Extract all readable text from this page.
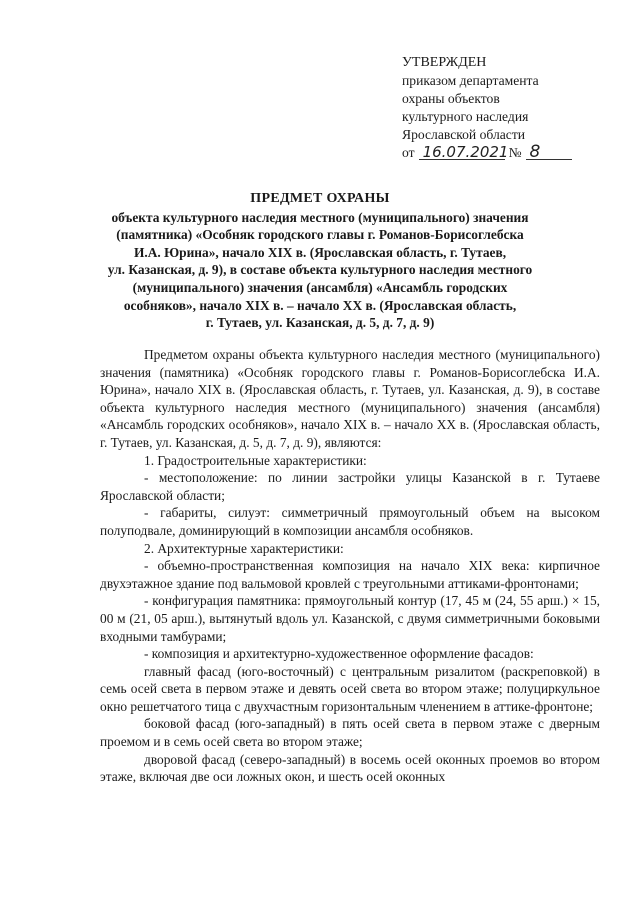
УТВЕРЖДЕН
приказом департамента
охраны объектов
культурного наследия
Ярославской области
от 16.07.2021 № 8
ПРЕДМЕТ ОХРАНЫ
объекта культурного наследия местного (муниципального) значения
(памятника) «Особняк городского главы г. Романов-Борисоглебска
И.А. Юрина», начало XIX в. (Ярославская область, г. Тутаев,
ул. Казанская, д. 9), в составе объекта культурного наследия местного
(муниципального) значения (ансамбля) «Ансамбль городских
особняков», начало XIX в. – начало XX в. (Ярославская область,
г. Тутаев, ул. Казанская, д. 5, д. 7, д. 9)

Предметом охраны объекта культурного наследия местного (муниципального) значения (памятника) «Особняк городского главы г. Романов-Борисоглебска И.А. Юрина», начало XIX в. (Ярославская область, г. Тутаев, ул. Казанская, д. 9), в составе объекта культурного наследия местного (муниципального) значения (ансамбля) «Ансамбль городских особняков», начало XIX в. – начало XX в. (Ярославская область, г. Тутаев, ул. Казанская, д. 5, д. 7, д. 9), являются:

1. Градостроительные характеристики:

- местоположение: по линии застройки улицы Казанской в г. Тутаеве Ярославской области;

- габариты, силуэт: симметричный прямоугольный объем на высоком полуподвале, доминирующий в композиции ансамбля особняков.

2. Архитектурные характеристики:

- объемно-пространственная композиция на начало XIX века: кирпичное двухэтажное здание под вальмовой кровлей с треугольными аттиками-фронтонами;

- конфигурация памятника: прямоугольный контур (17, 45 м (24, 55 арш.) × 15, 00 м (21, 05 арш.), вытянутый вдоль ул. Казанской, с двумя симметричными боковыми входными тамбурами;

- композиция и архитектурно-художественное оформление фасадов:

главный фасад (юго-восточный) с центральным ризалитом (раскреповкой) в семь осей света в первом этаже и девять осей света во втором этаже; полуциркульное окно решетчатого тица с двухчастным горизонтальным членением в аттике-фронтоне;

боковой фасад (юго-западный) в пять осей света в первом этаже с дверным проемом и в семь осей света во втором этаже;

дворовой фасад (северо-западный) в восемь осей оконных проемов во втором этаже, включая две оси ложных окон, и шесть осей оконных
